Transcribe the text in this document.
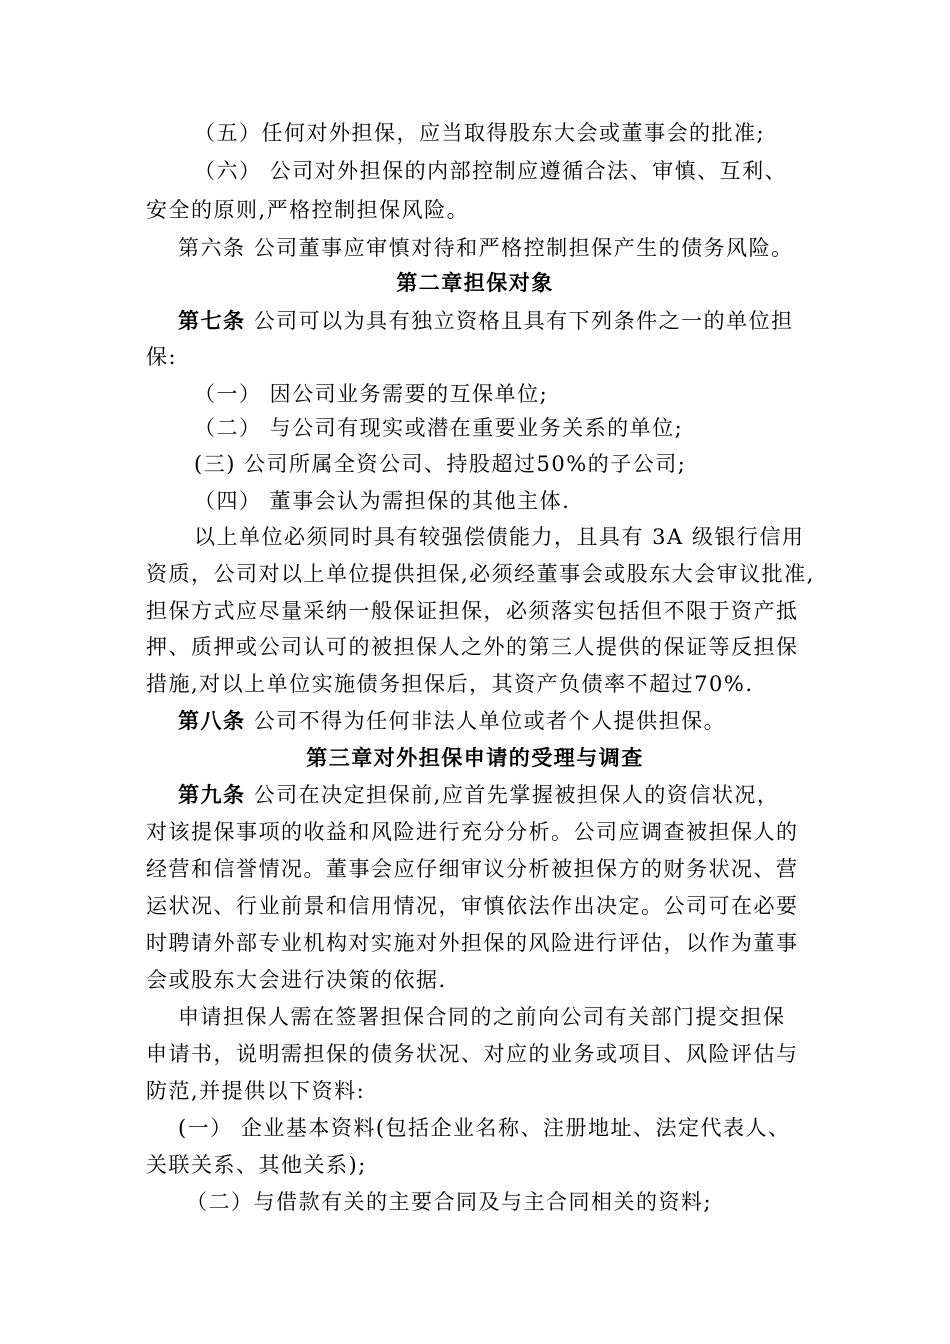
（五）任何对外担保，应当取得股东大会或董事会的批准;
（六） 公司对外担保的内部控制应遵循合法、审慎、互利、
安全的原则,严格控制担保风险。
第六条 公司董事应审慎对待和严格控制担保产生的债务风险。
第二章担保对象
第七条 公司可以为具有独立资格且具有下列条件之一的单位担
保:
（一） 因公司业务需要的互保单位;
（二） 与公司有现实或潜在重要业务关系的单位;
(三) 公司所属全资公司、持股超过50%的子公司;
（四） 董事会认为需担保的其他主体.
以上单位必须同时具有较强偿债能力，且具有 3A 级银行信用
资质，公司对以上单位提供担保,必须经董事会或股东大会审议批准,
担保方式应尽量采纳一般保证担保，必须落实包括但不限于资产抵
押、质押或公司认可的被担保人之外的第三人提供的保证等反担保
措施,对以上单位实施债务担保后，其资产负债率不超过70%.
第八条 公司不得为任何非法人单位或者个人提供担保。
第三章对外担保申请的受理与调查
第九条 公司在决定担保前,应首先掌握被担保人的资信状况，
对该提保事项的收益和风险进行充分分析。公司应调查被担保人的
经营和信誉情况。董事会应仔细审议分析被担保方的财务状况、营
运状况、行业前景和信用情况，审慎依法作出决定。公司可在必要
时聘请外部专业机构对实施对外担保的风险进行评估，以作为董事
会或股东大会进行决策的依据.
申请担保人需在签署担保合同的之前向公司有关部门提交担保
申请书，说明需担保的债务状况、对应的业务或项目、风险评估与
防范,并提供以下资料:
(一） 企业基本资料(包括企业名称、注册地址、法定代表人、
关联关系、其他关系);
（二）与借款有关的主要合同及与主合同相关的资料;
